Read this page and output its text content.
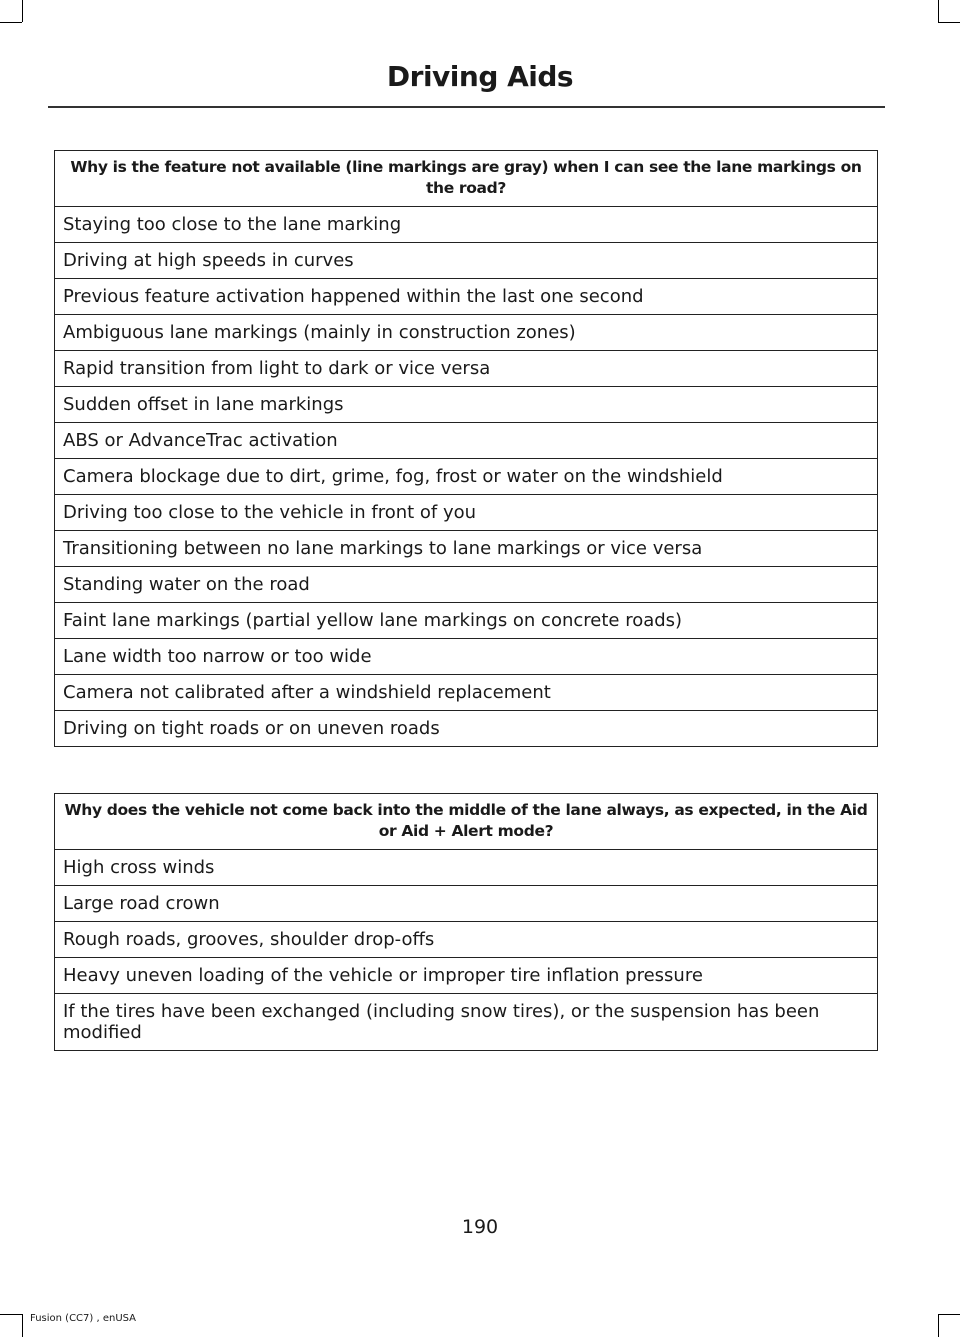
Driving Aids
Why is the feature not available (line markings are gray) when I can see the lane markings on the road?
Staying too close to the lane marking
Driving at high speeds in curves
Previous feature activation happened within the last one second
Ambiguous lane markings (mainly in construction zones)
Rapid transition from light to dark or vice versa
Sudden offset in lane markings
ABS or AdvanceTrac activation
Camera blockage due to dirt, grime, fog, frost or water on the windshield
Driving too close to the vehicle in front of you
Transitioning between no lane markings to lane markings or vice versa
Standing water on the road
Faint lane markings (partial yellow lane markings on concrete roads)
Lane width too narrow or too wide
Camera not calibrated after a windshield replacement
Driving on tight roads or on uneven roads
Why does the vehicle not come back into the middle of the lane always, as expected, in the Aid or Aid + Alert mode?
High cross winds
Large road crown
Rough roads, grooves, shoulder drop-offs
Heavy uneven loading of the vehicle or improper tire inflation pressure
If the tires have been exchanged (including snow tires), or the suspension has been modified
190
Fusion (CC7) , enUSA
